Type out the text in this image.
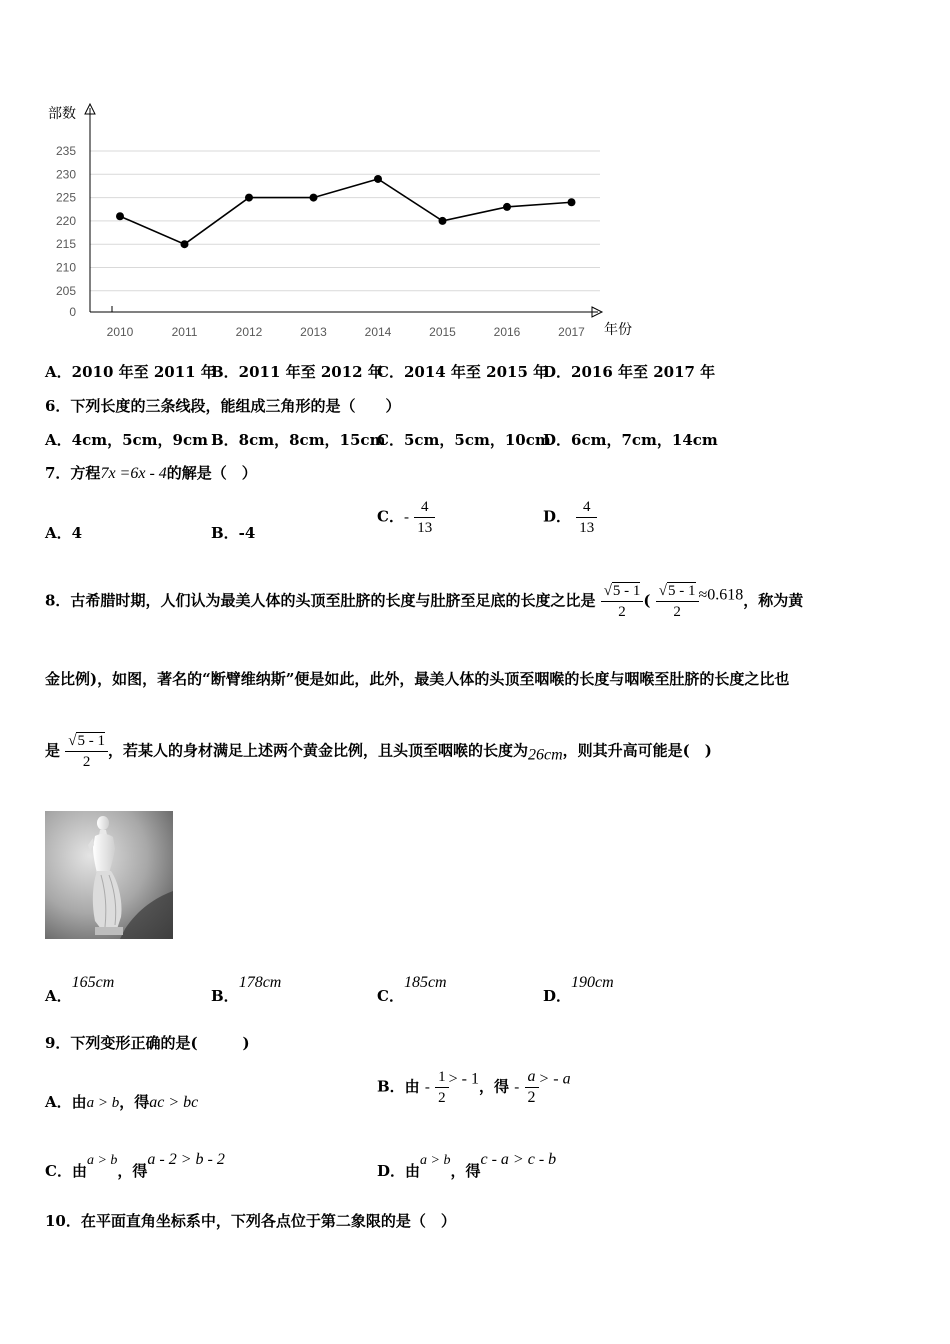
部数
年份
235
230
225
220
215
210
205
0
2010	2011	2012	2013	2014	2015	2016	2017
A．2010 年至 2011 年
B．2011 年至 2012 年
C．2014 年至 2015 年
D．2016 年至 2017 年
6．下列长度的三条线段，能组成三角形的是（　　）
A．4cm，5cm，9cm B．8cm，8cm，15cm
C．5cm，5cm，10cm
D．6cm，7cm，14cm
7．方程7x =6x - 4的解是（　）
A．4	B．-4
C．- $\frac{4}{13}$	D． $\frac{4}{13}$
8．古希腊时期，人们认为最美人体的头顶至肚脐的长度与肚脐至足底的长度之比是 $\frac{√5 - 1}{2}$ ( $\frac{√5 - 1}{2} \approx 0.618$，称为黄
金比例)，如图，著名的“断臂维纳斯”便是如此，此外，最美人体的头顶至咽喉的长度与咽喉至肚脐的长度之比也
是 $\frac{√5 - 1}{2}$ ，若某人的身材满足上述两个黄金比例，且头顶至咽喉的长度为26cm，则其升高可能是(　)
A．165cm
B．178cm
C．185cm
D．190cm
9．下列变形正确的是(　　　)
A．由a > b，得ac > bc
B．由 - $\frac{1}{2}$ > - 1，得 - $\frac{a}{2}$ > - a
C．由a > b，得a - 2 > b - 2
D．由a > b，得c - a > c - b
10．在平面直角坐标系中，下列各点位于第二象限的是（　）
